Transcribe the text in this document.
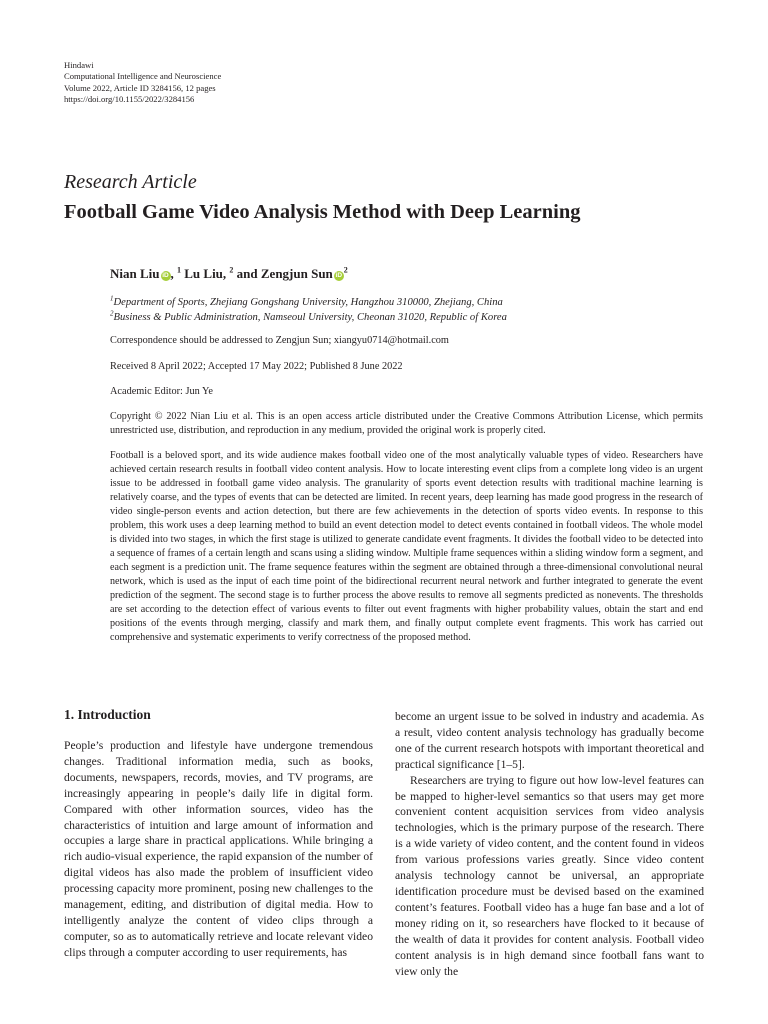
Hindawi
Computational Intelligence and Neuroscience
Volume 2022, Article ID 3284156, 12 pages
https://doi.org/10.1155/2022/3284156
Research Article
Football Game Video Analysis Method with Deep Learning
Nian Liu iD , $^1$ Lu Liu, $^2$ and Zengjun Sun $iD^2$
$^1$Department of Sports, Zhejiang Gongshang University, Hangzhou 310000, Zhejiang, China
$^2$Business & Public Administration, Namseoul University, Cheonan 31020, Republic of Korea
Correspondence should be addressed to Zengjun Sun; xiangyu0714@hotmail.com
Received 8 April 2022; Accepted 17 May 2022; Published 8 June 2022
Academic Editor: Jun Ye
Copyright © 2022 Nian Liu et al. This is an open access article distributed under the Creative Commons Attribution License, which permits unrestricted use, distribution, and reproduction in any medium, provided the original work is properly cited.
Football is a beloved sport, and its wide audience makes football video one of the most analytically valuable types of video. Researchers have achieved certain research results in football video content analysis. How to locate interesting event clips from a complete long video is an urgent issue to be addressed in football game video analysis. The granularity of sports event detection results with traditional machine learning is relatively coarse, and the types of events that can be detected are limited. In recent years, deep learning has made good progress in the research of video single-person events and action detection, but there are few achievements in the detection of sports video events. In response to this problem, this work uses a deep learning method to build an event detection model to detect events contained in football videos. The whole model is divided into two stages, in which the first stage is utilized to generate candidate event fragments. It divides the football video to be detected into a sequence of frames of a certain length and scans using a sliding window. Multiple frame sequences within a sliding window form a segment, and each segment is a prediction unit. The frame sequence features within the segment are obtained through a three-dimensional convolutional neural network, which is used as the input of each time point of the bidirectional recurrent neural network and further integrated to generate the event prediction of the segment. The second stage is to further process the above results to remove all segments predicted as nonevents. The thresholds are set according to the detection effect of various events to filter out event fragments with higher probability values, obtain the start and end positions of the events through merging, classify and mark them, and finally output complete event fragments. This work has carried out comprehensive and systematic experiments to verify correctness of the proposed method.
1. Introduction

People’s production and lifestyle have undergone tremendous changes. Traditional information media, such as books, documents, newspapers, records, movies, and TV programs, are increasingly appearing in people’s daily life in digital form. Compared with other information sources, video has the characteristics of intuition and large amount of information and occupies a large share in practical applications. While bringing a rich audio-visual experience, the rapid expansion of the number of digital videos has also made the problem of insufficient video processing capacity more prominent, posing new challenges to the management, editing, and distribution of digital media. How to intelligently analyze the content of video clips through a computer, so as to automatically retrieve and locate relevant video clips through a computer according to user requirements, has

become an urgent issue to be solved in industry and academia. As a result, video content analysis technology has gradually become one of the current research hotspots with important theoretical and practical significance [1–5].

Researchers are trying to figure out how low-level features can be mapped to higher-level semantics so that users may get more convenient content acquisition services from video analysis technologies, which is the primary purpose of the research. There is a wide variety of video content, and the content found in videos from various professions varies greatly. Since video content analysis technology cannot be universal, an appropriate identification procedure must be devised based on the examined content’s features. Football video has a huge fan base and a lot of money riding on it, so researchers have flocked to it because of the wealth of data it provides for content analysis. Football video content analysis is in high demand since football fans want to view only the
